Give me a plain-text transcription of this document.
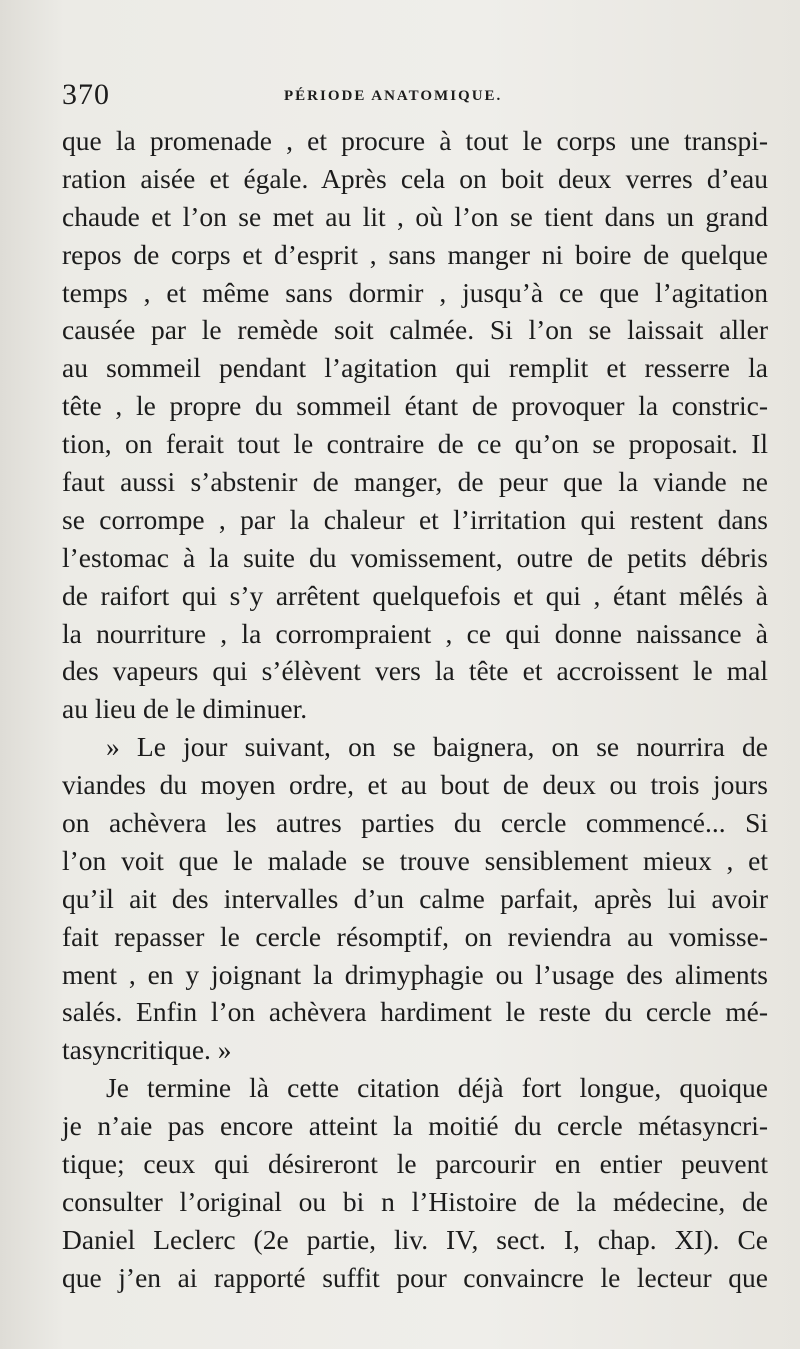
370	PÉRIODE ANATOMIQUE.
que la promenade , et procure à tout le corps une transpi-
ration aisée et égale. Après cela on boit deux verres d’eau
chaude et l’on se met au lit , où l’on se tient dans un grand
repos de corps et d’esprit , sans manger ni boire de quelque
temps , et même sans dormir , jusqu’à ce que l’agitation
causée par le remède soit calmée. Si l’on se laissait aller
au sommeil pendant l’agitation qui remplit et resserre la
tête , le propre du sommeil étant de provoquer la constric-
tion, on ferait tout le contraire de ce qu’on se proposait. Il
faut aussi s’abstenir de manger, de peur que la viande ne
se corrompe , par la chaleur et l’irritation qui restent dans
l’estomac à la suite du vomissement, outre de petits débris
de raifort qui s’y arrêtent quelquefois et qui , étant mêlés à
la nourriture , la corrompraient , ce qui donne naissance à
des vapeurs qui s’élèvent vers la tête et accroissent le mal
au lieu de le diminuer.
» Le jour suivant, on se baignera, on se nourrira de
viandes du moyen ordre, et au bout de deux ou trois jours
on achèvera les autres parties du cercle commencé... Si
l’on voit que le malade se trouve sensiblement mieux , et
qu’il ait des intervalles d’un calme parfait, après lui avoir
fait repasser le cercle résomptif, on reviendra au vomisse-
ment , en y joignant la drimyphagie ou l’usage des aliments
salés. Enfin l’on achèvera hardiment le reste du cercle mé-
tasyncritique. »
Je termine là cette citation déjà fort longue, quoique
je n’aie pas encore atteint la moitié du cercle métasyncri-
tique; ceux qui désireront le parcourir en entier peuvent
consulter l’original ou bi n l’Histoire de la médecine, de
Daniel Leclerc (2e partie, liv. IV, sect. I, chap. XI). Ce
que j’en ai rapporté suffit pour convaincre le lecteur que
